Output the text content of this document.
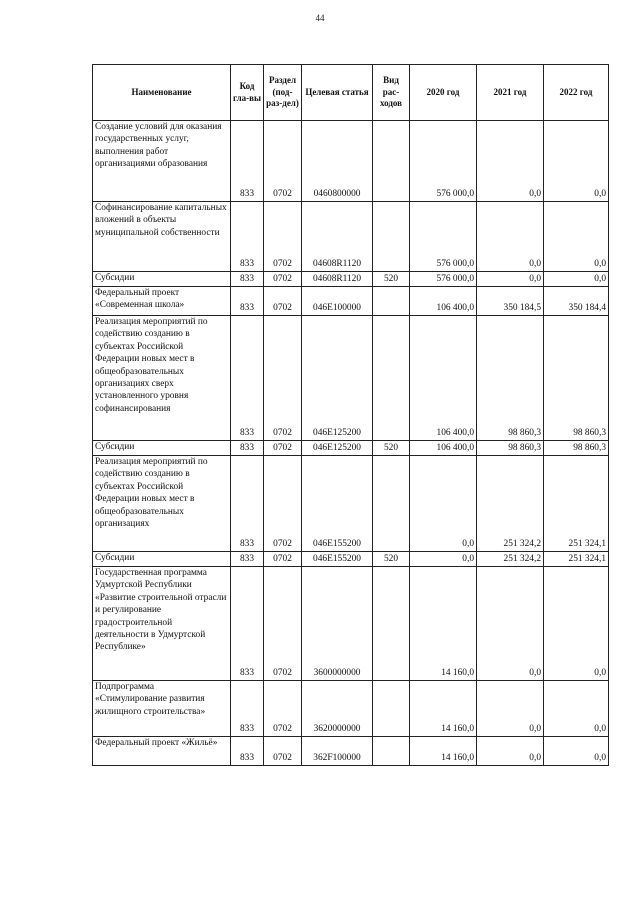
44
Наименование	Код гла-вы	Раздел (под-раз-дел)	Целевая статья	Вид рас-ходов	2020 год	2021 год	2022 год
Создание условий для оказания государственных услуг, выполнения работ организациями образования	833	0702	0460800000		576 000,0	0,0	0,0
Софинансирование капитальных вложений в объекты муниципальной собственности	833	0702	04608R1120		576 000,0	0,0	0,0
Субсидии	833	0702	04608R1120	520	576 000,0	0,0	0,0
Федеральный проект «Современная школа»	833	0702	046E100000		106 400,0	350 184,5	350 184,4
Реализация мероприятий по содействию созданию в субъектах Российской Федерации новых мест в общеобразовательных организациях сверх установленного уровня софинансирования	833	0702	046E125200		106 400,0	98 860,3	98 860,3
Субсидии	833	0702	046E125200	520	106 400,0	98 860,3	98 860,3
Реализация мероприятий по содействию созданию в субъектах Российской Федерации новых мест в общеобразовательных организациях	833	0702	046E155200		0,0	251 324,2	251 324,1
Субсидии	833	0702	046E155200	520	0,0	251 324,2	251 324,1
Государственная программа Удмуртской Республики «Развитие строительной отрасли и регулирование градостроительной деятельности в Удмуртской Республике»	833	0702	3600000000		14 160,0	0,0	0,0
Подпрограмма «Стимулирование развития жилищного строительства»	833	0702	3620000000		14 160,0	0,0	0,0
Федеральный проект «Жильё»	833	0702	362F100000		14 160,0	0,0	0,0
